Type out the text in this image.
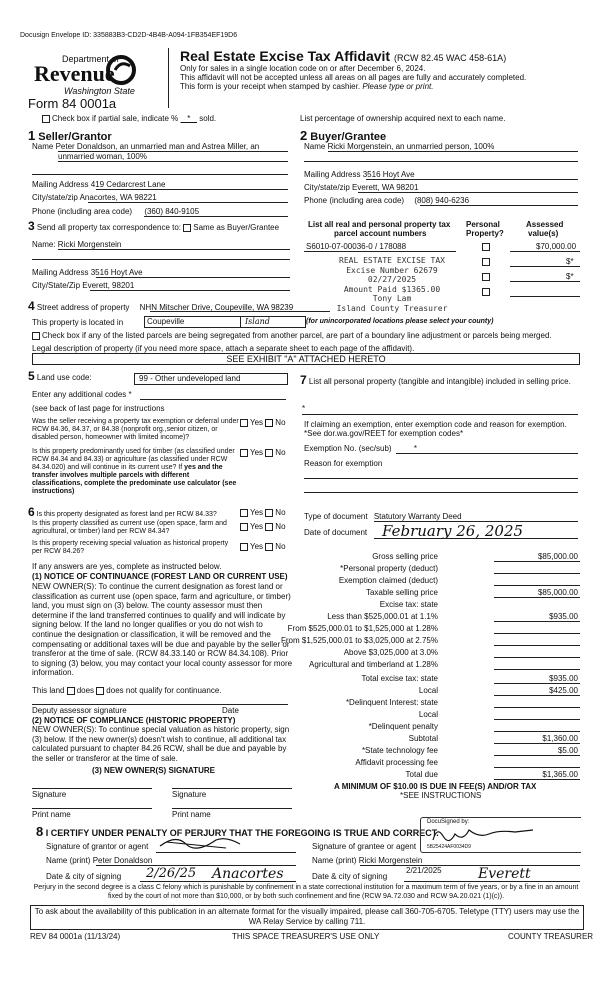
Docusign Envelope ID: 335883B3-CD2D-4B4B-A094-1FB354EF19D6
Department of
Revenue
Washington State
Form 84 0001a
Real Estate Excise Tax Affidavit (RCW 82.45 WAC 458-61A)
Only for sales in a single location code on or after December 6, 2024.
This affidavit will not be accepted unless all areas on all pages are fully and accurately completed.
This form is your receipt when stamped by cashier. Please type or print.
Check box if partial sale, indicate % * sold.	List percentage of ownership acquired next to each name.
1 Seller/Grantor
Name Peter Donaldson, an unmarried man and Astrea Miller, an
unmarried woman, 100%
Mailing Address 419 Cedarcrest Lane
City/state/zip Anacortes, WA 98221
Phone (including area code) (360) 840-9105
2 Buyer/Grantee
Name Ricki Morgenstein, an unmarried person, 100%
Mailing Address 3516 Hoyt Ave
City/state/zip Everett, WA 98201
Phone (including area code) (808) 940-6236
3 Send all property tax correspondence to: Same as Buyer/Grantee
Name: Ricki Morgenstein
Mailing Address 3516 Hoyt Ave
City/State/Zip Everett, 98201
List all real and personal property tax
parcel account numbers
Personal
Property?
Assessed
value(s)
S6010-07-00036-0 / 178088	$70,000.00
$*
$*
REAL ESTATE EXCISE TAX
Excise Number 62679
02/27/2025
Amount Paid $1365.00
Tony Lam
Island County Treasurer
4 Street address of property NHN Mitscher Drive, Coupeville, WA 98239
This property is located in	Coupeville	Island	(for unincorporated locations please select your county)
Check box if any of the listed parcels are being segregated from another parcel, are part of a boundary line adjustment or parcels being merged.
Legal description of property (if you need more space, attach a separate sheet to each page of the affidavit).
SEE EXHIBIT "A" ATTACHED HERETO
5 Land use code:	99 - Other undeveloped land
Enter any additional codes *
(see back of last page for instructions
Was the seller receiving a property tax exemption or deferral under RCW 84.36, 84.37, or 84.38 (nonprofit org.,senior citizen, or disabled person, homeowner with limited income)?
Yes No
Is this property predominantly used for timber (as classified under RCW 84.34 and 84.33) or agriculture (as classified under RCW 84.34.020) and will continue in its current use? If yes and the transfer involves multiple parcels with different classifications, complete the predominate use calculator (see instructions)
Yes No
7 List all personal property (tangible and intangible) included in selling price.
*
If claiming an exemption, enter exemption code and reason for exemption. *See dor.wa.gov/REET for exemption codes*
Exemption No. (sec/sub)	*
Reason for exemption
6 Is this property designated as forest land per RCW 84.33?	Yes No
Is this property classified as current use (open space, farm and agricultural, or timber) land per RCW 84.34?
Yes No
Is this property receiving special valuation as historical property per RCW 84.26?
Yes No
If any answers are yes, complete as instructed below.
(1) NOTICE OF CONTINUANCE (FOREST LAND OR CURRENT USE)
NEW OWNER(S): To continue the current designation as forest land or classification as current use (open space, farm and agriculture, or timber) land, you must sign on (3) below. The county assessor must then determine if the land transferred continues to qualify and will indicate by signing below. If the land no longer qualifies or you do not wish to continue the designation or classification, it will be removed and the compensating or additional taxes will be due and payable by the seller or transferor at the time of sale. (RCW 84.33.140 or RCW 84.34.108). Prior to signing (3) below, you may contact your local county assessor for more information.
This land does does not qualify for continuance.
Deputy assessor signature	Date
(2) NOTICE OF COMPLIANCE (HISTORIC PROPERTY)
NEW OWNER(S): To continue special valuation as historic property, sign (3) below. If the new owner(s) doesn't wish to continue, all additional tax calculated pursuant to chapter 84.26 RCW, shall be due and payable by the seller or transferor at the time of sale.
(3) NEW OWNER(S) SIGNATURE
Signature	Signature
Print name	Print name
Type of document Statutory Warranty Deed
Date of document February 26, 2025
Gross selling price	$85,000.00
*Personal property (deduct)
Exemption claimed (deduct)
Taxable selling price	$85,000.00
Excise tax: state
Less than $525,000.01 at 1.1%	$935.00
From $525,000.01 to $1,525,000 at 1.28%
From $1,525,000.01 to $3,025,000 at 2.75%
Above $3,025,000 at 3.0%
Agricultural and timberland at 1.28%
Total excise tax: state	$935.00
Local	$425.00
*Delinquent Interest: state
Local
*Delinquent penalty
Subtotal	$1,360.00
*State technology fee	$5.00
Affidavit processing fee
Total due	$1,365.00
A MINIMUM OF $10.00 IS DUE IN FEE(S) AND/OR TAX
*SEE INSTRUCTIONS
8 I CERTIFY UNDER PENALTY OF PERJURY THAT THE FOREGOING IS TRUE AND CORRECT.
Signature of grantor or agent	Signature of grantee or agent
DocuSigned by:
5B25424AF0034D9
Name (print) Peter Donaldson	Name (print) Ricki Morgenstein
Date & city of signing 2/26/25 Anacortes	Date & city of signing
2/21/2025	Everett
Perjury in the second degree is a class C felony which is punishable by confinement in a state correctional institution for a maximum term of five years, or by a fine in an amount fixed by the court of not more than $10,000, or by both such confinement and fine (RCW 9A.72.030 and RCW 9A.20.021 (1)(c)).
To ask about the availability of this publication in an alternate format for the visually impaired, please call 360-705-6705. Teletype (TTY) users may use the WA Relay Service by calling 711.
REV 84 0001a (11/13/24)	THIS SPACE TREASURER'S USE ONLY	COUNTY TREASURER
